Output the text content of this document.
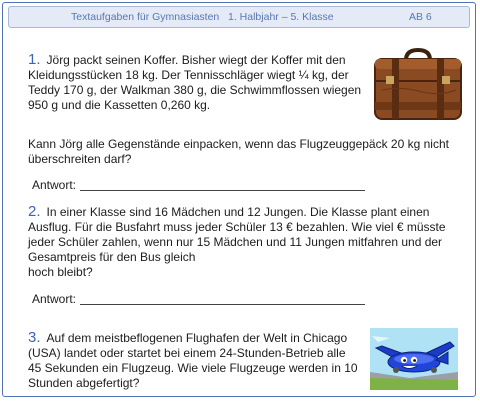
Textaufgaben für Gymnasiasten   1. Halbjahr – 5. Klasse	AB 6

1. Jörg packt seinen Koffer. Bisher wiegt der Koffer mit den Kleidungsstücken 18 kg. Der Tennisschläger wiegt ¼ kg, der Teddy 170 g, der Walkman 380 g, die Schwimmflossen wiegen 950 g und die Kassetten 0,260 kg.

Kann Jörg alle Gegenstände einpacken, wenn das Flugzeuggepäck 20 kg nicht überschreiten darf?

Antwort:

2. In einer Klasse sind 16 Mädchen und 12 Jungen. Die Klasse plant einen Ausflug. Für die Busfahrt muss jeder Schüler 13 € bezahlen. Wie viel € müsste jeder Schüler zahlen, wenn nur 15 Mädchen und 11 Jungen mitfahren und der Gesamtpreis für den Bus gleich
hoch bleibt?

Antwort:

3. Auf dem meistbeflogenen Flughafen der Welt in Chicago (USA) landet oder startet bei einem 24-Stunden-Betrieb alle 45 Sekunden ein Flugzeug. Wie viele Flugzeuge werden in 10 Stunden abgefertigt?
